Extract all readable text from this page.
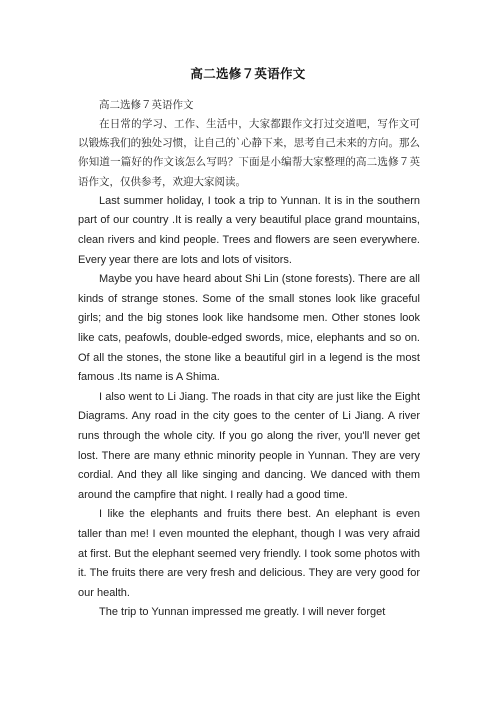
高二选修７英语作文
高二选修７英语作文

在日常的学习、工作、生活中，大家都跟作文打过交道吧，写作文可以锻炼我们的独处习惯，让自己的`心静下来，思考自己未来的方向。那么你知道一篇好的作文该怎么写吗？下面是小编帮大家整理的高二选修７英语作文，仅供参考，欢迎大家阅读。

Last summer holiday, I took a trip to Yunnan. It is in the southern part of our country .It is really a very beautiful place grand mountains, clean rivers and kind people. Trees and flowers are seen everywhere. Every year there are lots and lots of visitors.

Maybe you have heard about Shi Lin (stone forests). There are all kinds of strange stones. Some of the small stones look like graceful girls; and the big stones look like handsome men. Other stones look like cats, peafowls, double-edged swords, mice, elephants and so on. Of all the stones, the stone like a beautiful girl in a legend is the most famous .Its name is A Shima.

I also went to Li Jiang. The roads in that city are just like the Eight Diagrams. Any road in the city goes to the center of Li Jiang. A river runs through the whole city. If you go along the river, you'll never get lost. There are many ethnic minority people in Yunnan. They are very cordial. And they all like singing and dancing. We danced with them around the campfire that night. I really had a good time.

I like the elephants and fruits there best. An elephant is even taller than me! I even mounted the elephant, though I was very afraid at first. But the elephant seemed very friendly. I took some photos with it. The fruits there are very fresh and delicious. They are very good for our health.

The trip to Yunnan impressed me greatly. I will never forget
